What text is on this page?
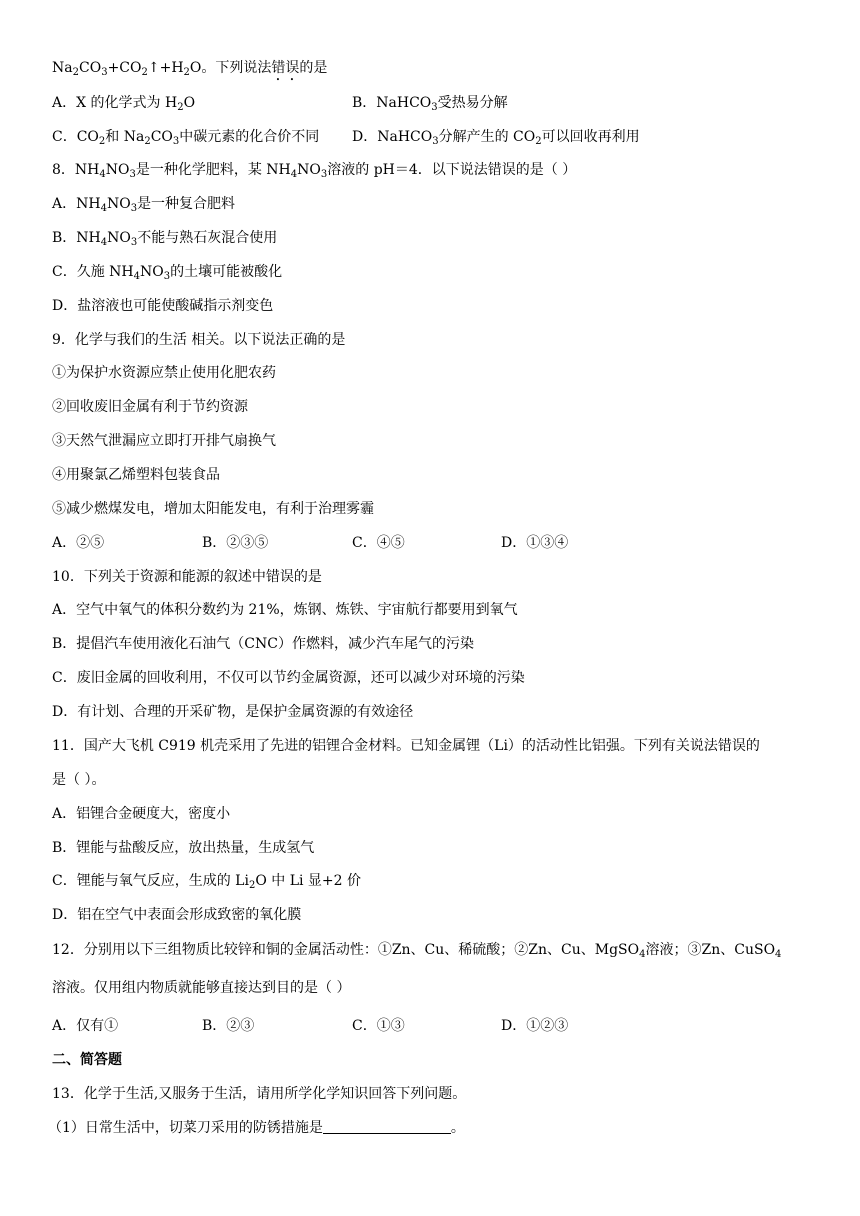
$Na_2CO_3+CO_2↑+H_2O$。下列说法错误的是
A．X 的化学式为 $H_2O$	B．NaHCO$_3$受热易分解
C．$CO_2$和 $Na_2CO_3$中碳元素的化合价不同 D．NaHCO$_3$分解产生的 $CO_2$可以回收再利用
8．$NH_4NO_3$是一种化学肥料，某 $NH_4NO_3$溶液的 pH＝4．以下说法错误的是（ ）
A．$NH_4NO_3$是一种复合肥料
B．$NH_4NO_3$不能与熟石灰混合使用
C．久施 $NH_4NO_3$的土壤可能被酸化
D．盐溶液也可能使酸碱指示剂变色
9．化学与我们的生活 相关。以下说法正确的是
①为保护水资源应禁止使用化肥农药
②回收废旧金属有利于节约资源
③天然气泄漏应立即打开排气扇换气
④用聚氯乙烯塑料包装食品
⑤减少燃煤发电，增加太阳能发电，有利于治理雾霾
A．②⑤	B．②③⑤	C．④⑤	D．①③④
10．下列关于资源和能源的叙述中错误的是
A．空气中氧气的体积分数约为 21%，炼钢、炼铁、宇宙航行都要用到氧气
B．提倡汽车使用液化石油气（CNC）作燃料，减少汽车尾气的污染
C．废旧金属的回收利用，不仅可以节约金属资源，还可以减少对环境的污染
D．有计划、合理的开采矿物，是保护金属资源的有效途径
11．国产大飞机 C919 机壳采用了先进的铝锂合金材料。已知金属锂（Li）的活动性比铝强。下列有关说法错误的
是（ ）。
A．铝锂合金硬度大，密度小
B．锂能与盐酸反应，放出热量，生成氢气
C．锂能与氧气反应，生成的 $Li_2O$ 中 Li 显+2 价
D．铝在空气中表面会形成致密的氧化膜
12．分别用以下三组物质比较锌和铜的金属活动性：①Zn、Cu、稀硫酸；②Zn、Cu、MgSO$_4$溶液；③Zn、CuSO$_4$
溶液。仅用组内物质就能够直接达到目的是（ ）
A．仅有①	B．②③	C．①③	D．①②③
二、简答题
13．化学于生活,又服务于生活，请用所学化学知识回答下列问题。
（1）日常生活中，切菜刀采用的防锈措施是	。
